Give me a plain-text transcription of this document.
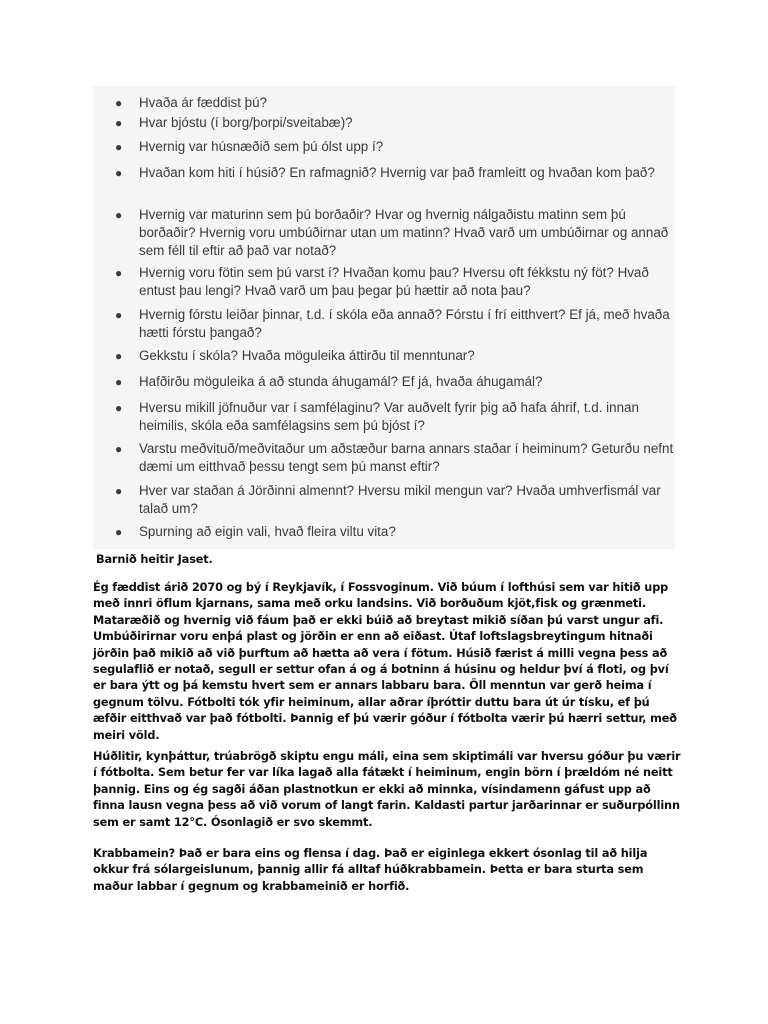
● Hvaða ár fæddist þú?
● Hvar bjóstu (í borg/þorpi/sveitabæ)?
● Hvernig var húsnæðið sem þú ólst upp í?
● Hvaðan kom hiti í húsið? En rafmagnið? Hvernig var það framleitt og hvaðan kom það?
● Hvernig var maturinn sem þú borðaðir? Hvar og hvernig nálgaðistu matinn sem þú borðaðir? Hvernig voru umbúðirnar utan um matinn? Hvað varð um umbúðirnar og annað sem féll til eftir að það var notað?
● Hvernig voru fötin sem þú varst í? Hvaðan komu þau? Hversu oft fékkstu ný föt? Hvað entust þau lengi? Hvað varð um þau þegar þú hættir að nota þau?
● Hvernig fórstu leiðar þinnar, t.d. í skóla eða annað? Fórstu í frí eitthvert? Ef já, með hvaða hætti fórstu þangað?
● Gekkstu í skóla? Hvaða möguleika áttirðu til menntunar?
● Hafðirðu möguleika á að stunda áhugamál? Ef já, hvaða áhugamál?
● Hversu mikill jöfnuður var í samfélaginu? Var auðvelt fyrir þig að hafa áhrif, t.d. innan heimilis, skóla eða samfélagsins sem þú bjóst í?
● Varstu meðvituð/meðvitaður um aðstæður barna annars staðar í heiminum? Geturðu nefnt dæmi um eitthvað þessu tengt sem þú manst eftir?
● Hver var staðan á Jörðinni almennt? Hversu mikil mengun var? Hvaða umhverfismál var talað um?
● Spurning að eigin vali, hvað fleira viltu vita?
Barnið heitir Jaset.
Ég fæddist árið 2070 og bý í Reykjavík, í Fossvoginum. Við búum í lofthúsi sem var hitið upp með innri öflum kjarnans, sama með orku landsins. Við borðuðum kjöt,fisk og grænmeti. Mataræðið og hvernig við fáum það er ekki búið að breytast mikið síðan þú varst ungur afi. Umbúðirirnar voru enþá plast og jörðin er enn að eiðast. Útaf loftslagsbreytingum hitnaði jörðin það mikið að við þurftum að hætta að vera í fötum. Húsið færist á milli vegna þess að segulaflið er notað, segull er settur ofan á og á botninn á húsinu og heldur því á floti, og því er bara ýtt og þá kemstu hvert sem er annars labbaru bara. Öll menntun var gerð heima í gegnum tölvu. Fótbolti tók yfir heiminum, allar aðrar íþróttir duttu bara út úr tísku, ef þú æfðir eitthvað var það fótbolti. Þannig ef þú værir góður í fótbolta værir þú hærri settur, með meiri völd.
Húðlitir, kynþáttur, trúabrögð skiptu engu máli, eina sem skiptimáli var hversu góður þu værir í fótbolta. Sem betur fer var líka lagað alla fátækt í heiminum, engin börn í þrældóm né neitt þannig. Eins og ég sagði áðan plastnotkun er ekki að minnka, vísindamenn gáfust upp að finna lausn vegna þess að við vorum of langt farin. Kaldasti partur jarðarinnar er suðurpóllinn sem er samt 12°C. Ósonlagið er svo skemmt.
Krabbamein? Það er bara eins og flensa í dag. Það er eiginlega ekkert ósonlag til að hilja okkur frá sólargeislunum, þannig allir fá alltaf húðkrabbamein. Þetta er bara sturta sem maður labbar í gegnum og krabbameinið er horfið.
